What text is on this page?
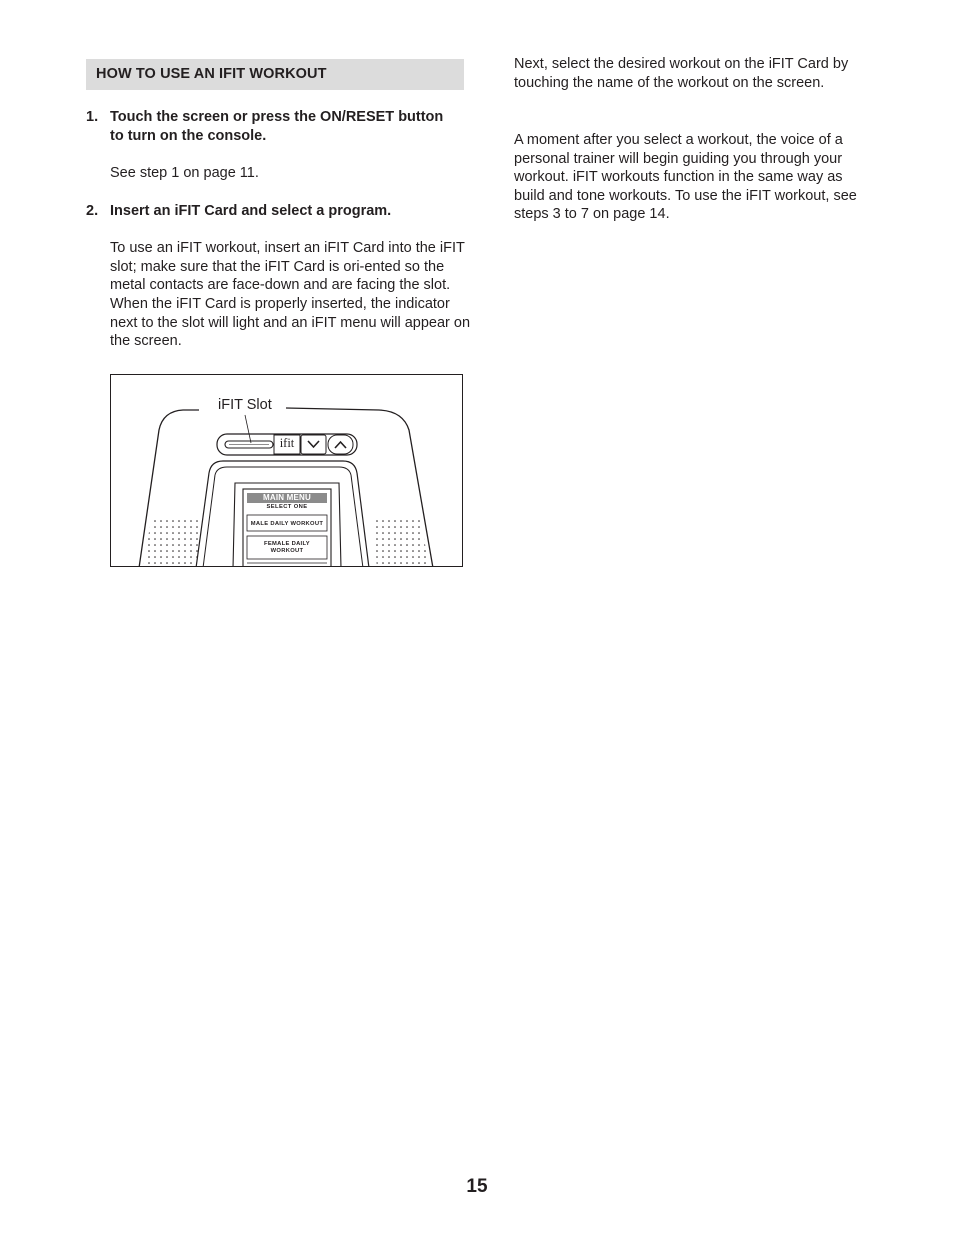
HOW TO USE AN IFIT WORKOUT
1. Touch the screen or press the ON/RESET button to turn on the console.
See step 1 on page 11.
2. Insert an iFIT Card and select a program.
To use an iFIT workout, insert an iFIT Card into the iFIT slot; make sure that the iFIT Card is ori-ented so the metal contacts are face-down and are facing the slot. When the iFIT Card is properly inserted, the indicator next to the slot will light and an iFIT menu will appear on the screen.
iFIT Slot
ifit
MAIN MENU
SELECT ONE
MALE DAILY WORKOUT
FEMALE DAILY WORKOUT
Next, select the desired workout on the iFIT Card by touching the name of the workout on the screen.
A moment after you select a workout, the voice of a personal trainer will begin guiding you through your workout. iFIT workouts function in the same way as build and tone workouts. To use the iFIT workout, see steps 3 to 7 on page 14.
15
